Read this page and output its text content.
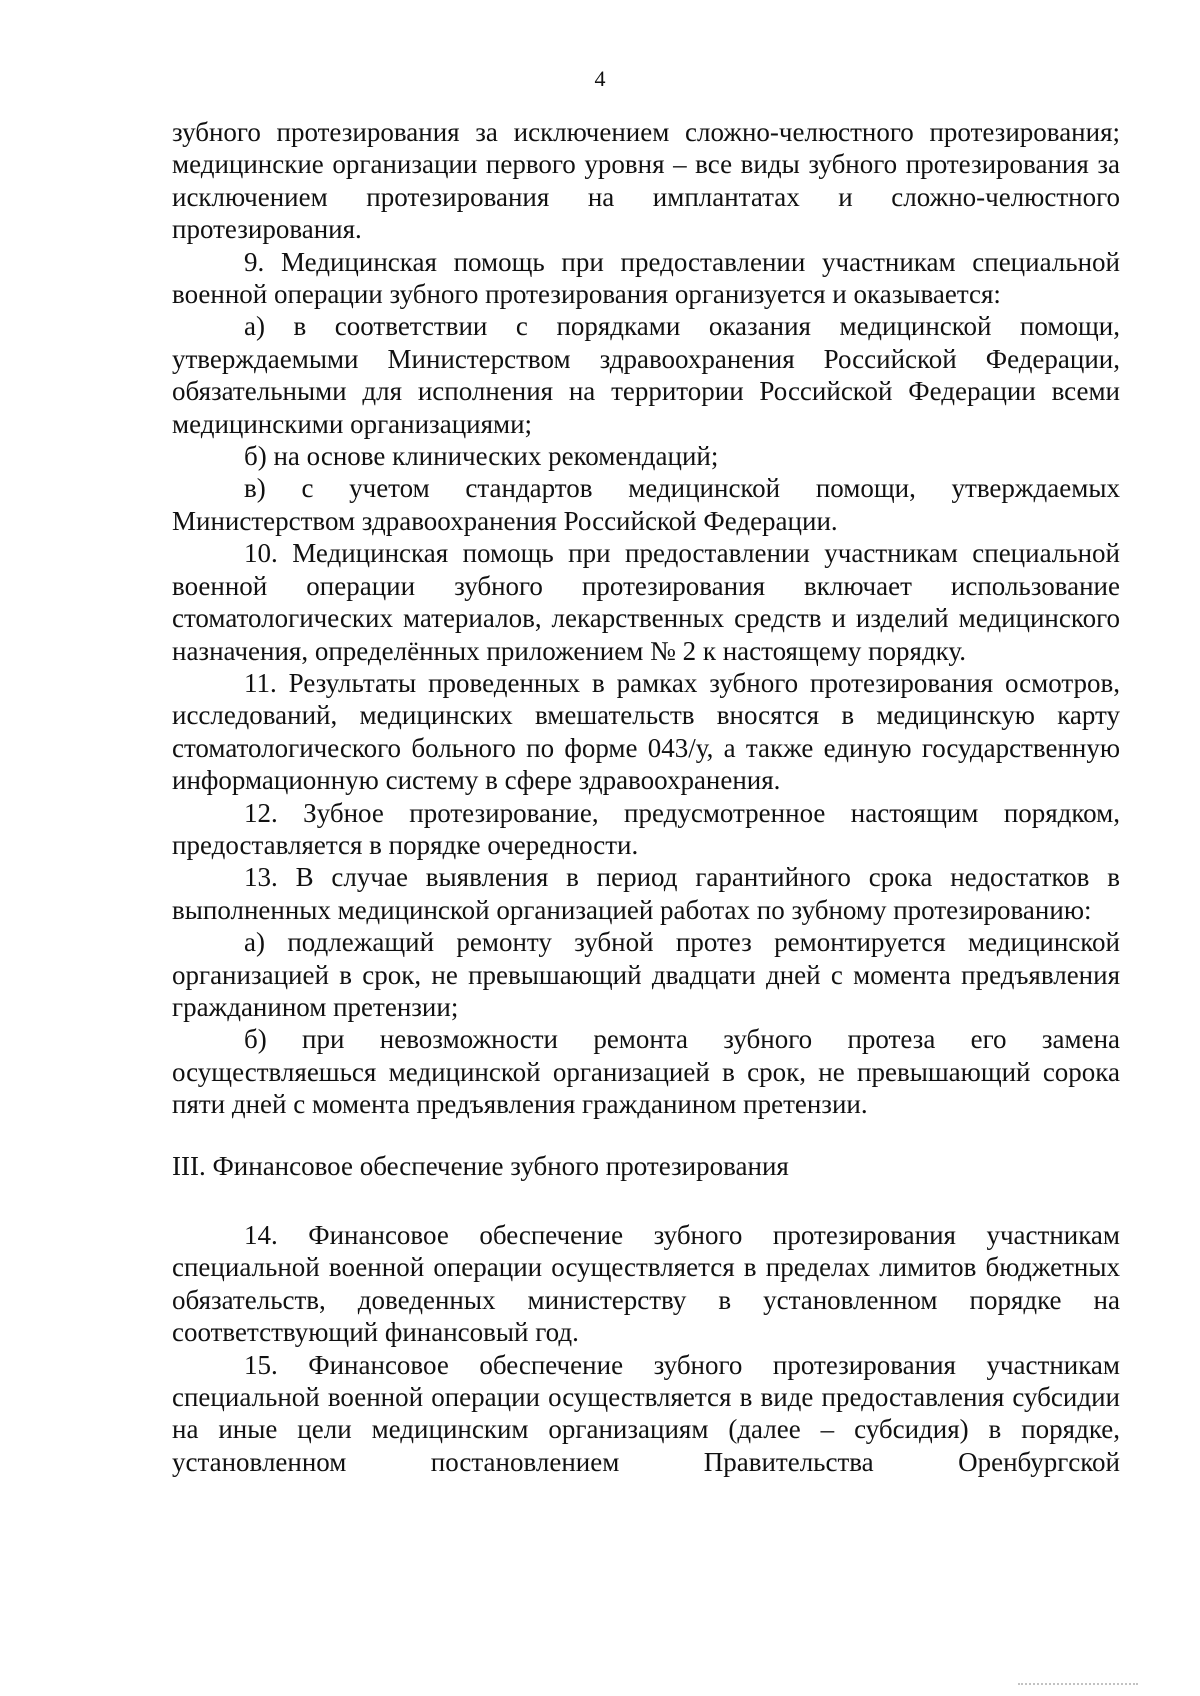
4

зубного протезирования за исключением сложно-челюстного протезирования; медицинские организации первого уровня – все виды зубного протезирования за исключением протезирования на имплантатах и сложно-челюстного протезирования.

9. Медицинская помощь при предоставлении участникам специальной военной операции зубного протезирования организуется и оказывается:

а) в соответствии с порядками оказания медицинской помощи, утверждаемыми Министерством здравоохранения Российской Федерации, обязательными для исполнения на территории Российской Федерации всеми медицинскими организациями;

б) на основе клинических рекомендаций;

в) с учетом стандартов медицинской помощи, утверждаемых Министерством здравоохранения Российской Федерации.

10. Медицинская помощь при предоставлении участникам специальной военной операции зубного протезирования включает использование стоматологических материалов, лекарственных средств и изделий медицинского назначения, определённых приложением № 2 к настоящему порядку.

11. Результаты проведенных в рамках зубного протезирования осмотров, исследований, медицинских вмешательств вносятся в медицинскую карту стоматологического больного по форме 043/у, а также единую государственную информационную систему в сфере здравоохранения.

12. Зубное протезирование, предусмотренное настоящим порядком, предоставляется в порядке очередности.

13. В случае выявления в период гарантийного срока недостатков в выполненных медицинской организацией работах по зубному протезированию:

а) подлежащий ремонту зубной протез ремонтируется медицинской организацией в срок, не превышающий двадцати дней с момента предъявления гражданином претензии;

б) при невозможности ремонта зубного протеза его замена осуществляешься медицинской организацией в срок, не превышающий сорока пяти дней с момента предъявления гражданином претензии.

III. Финансовое обеспечение зубного протезирования

14. Финансовое обеспечение зубного протезирования участникам специальной военной операции осуществляется в пределах лимитов бюджетных обязательств, доведенных министерству в установленном порядке на соответствующий финансовый год.

15. Финансовое обеспечение зубного протезирования участникам специальной военной операции осуществляется в виде предоставления субсидии на иные цели медицинским организациям (далее – субсидия) в порядке, установленном постановлением Правительства Оренбургской
